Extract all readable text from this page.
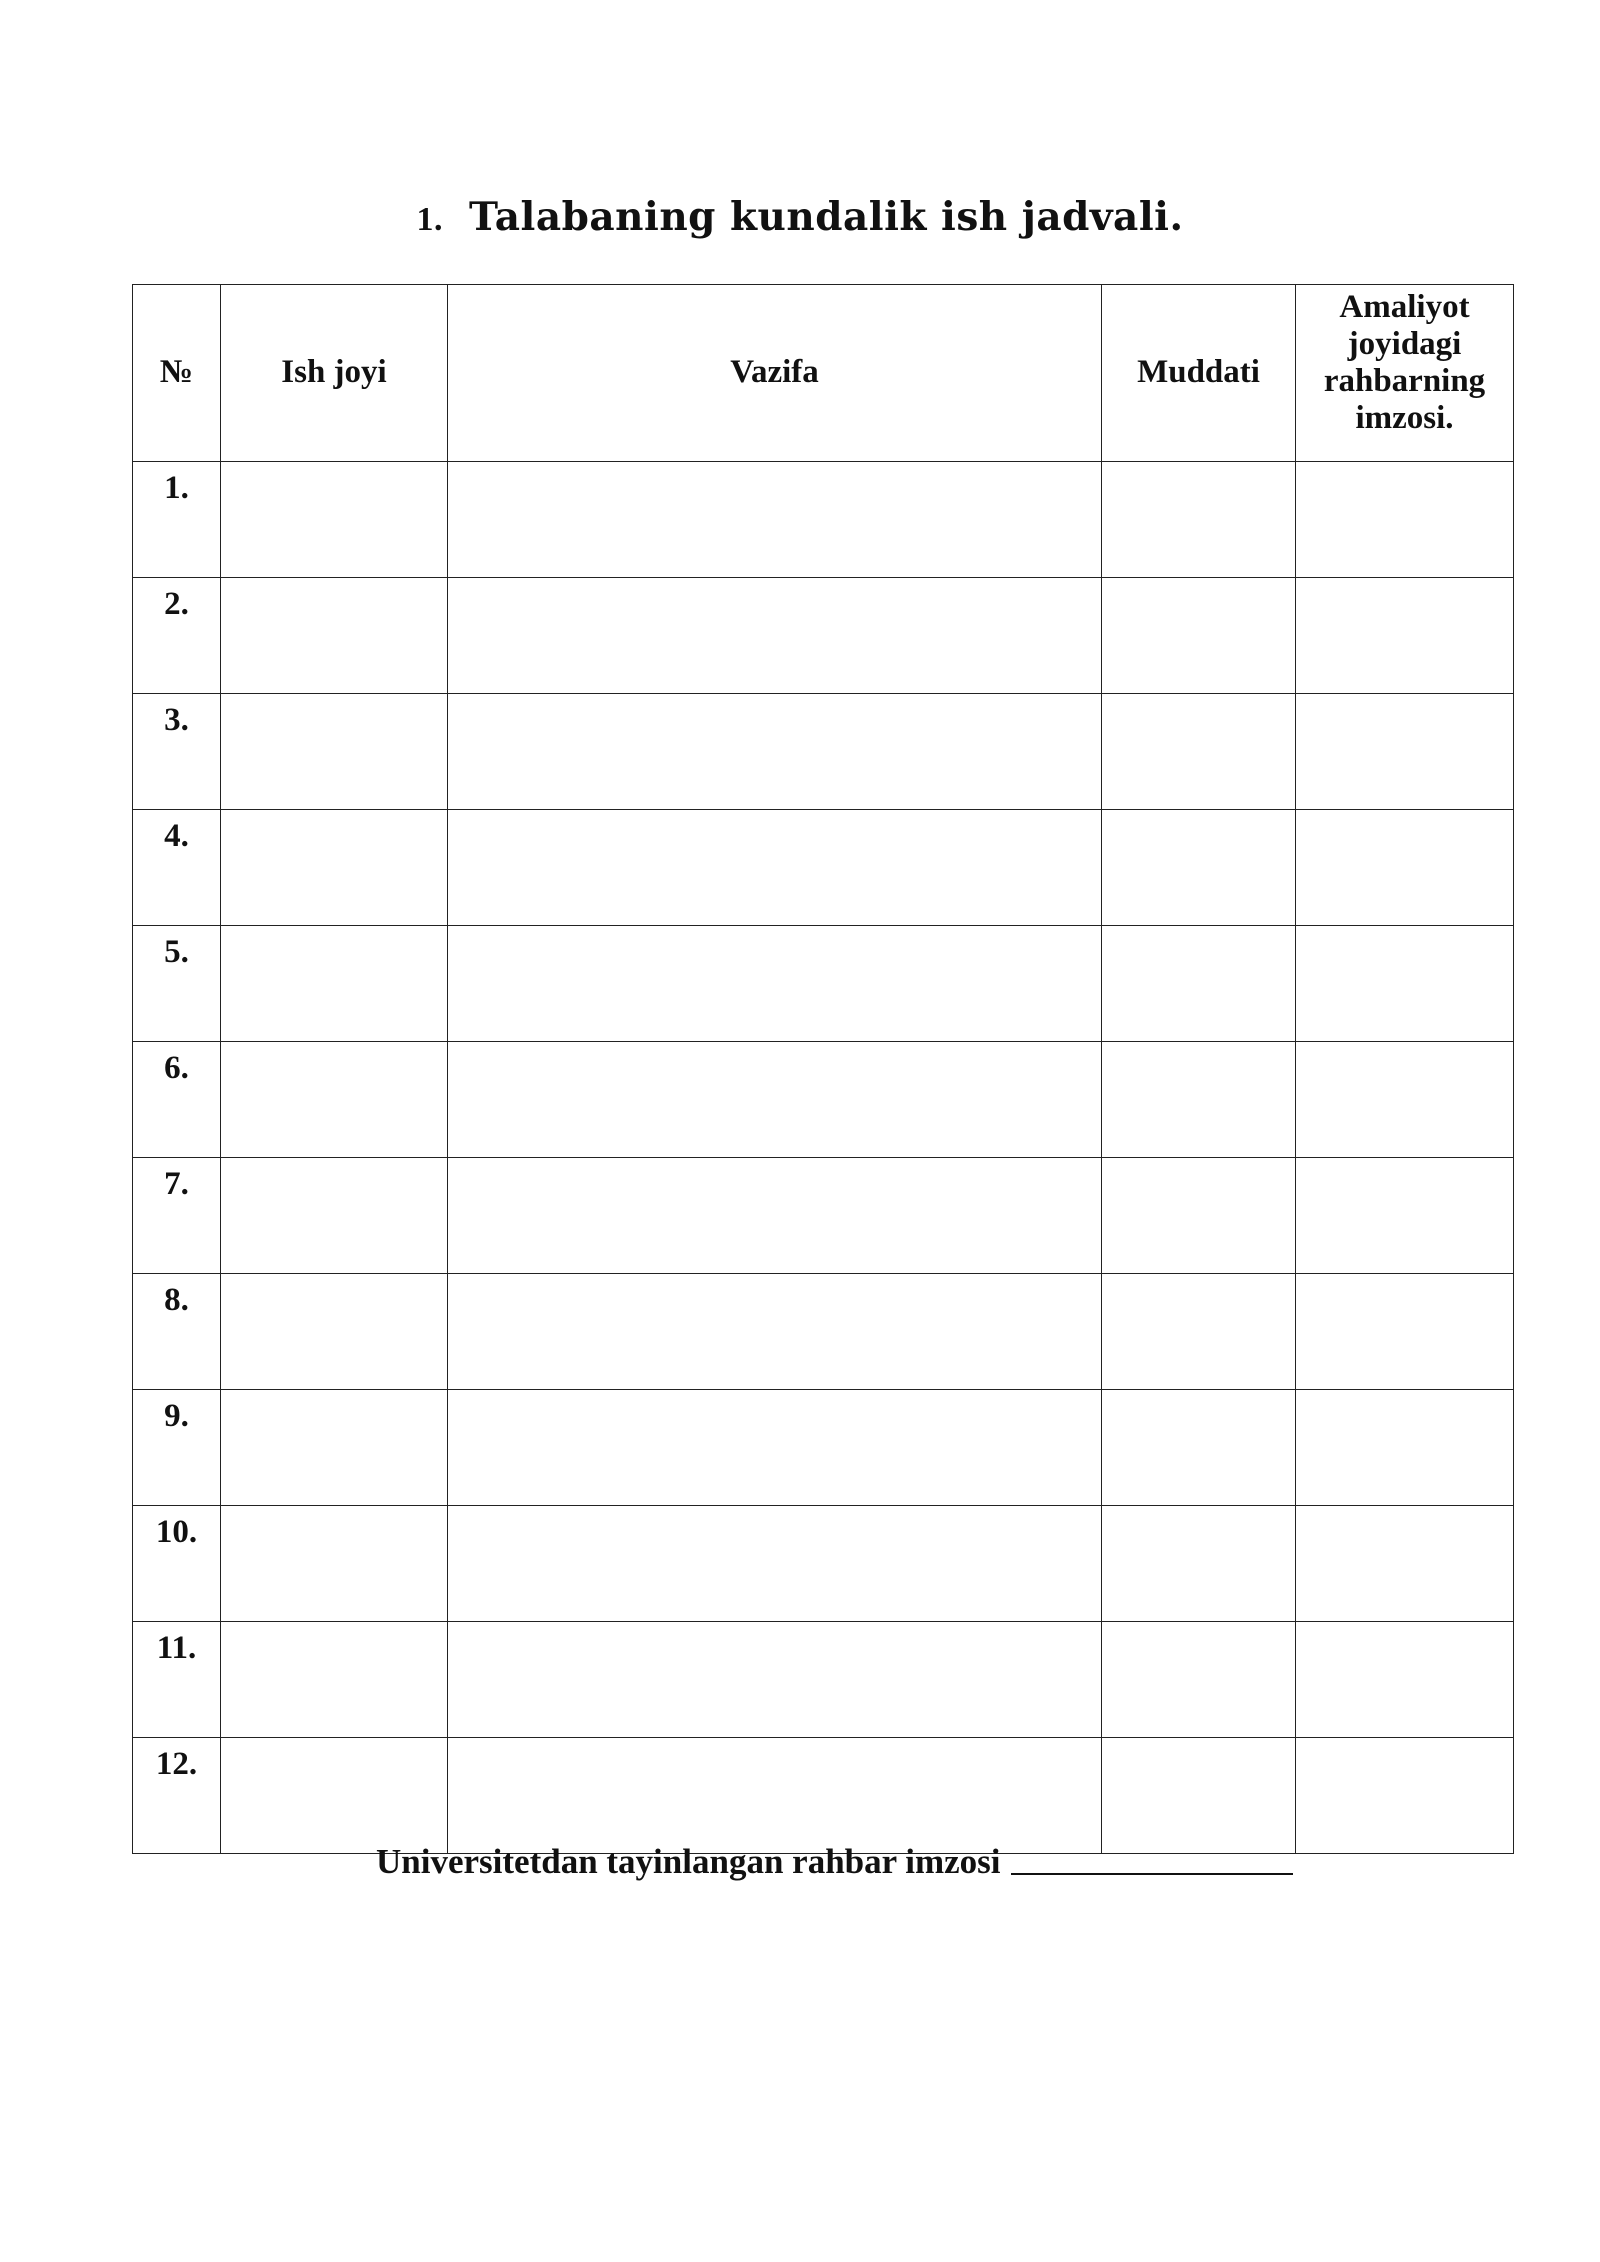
1. Talabaning kundalik ish jadvali.
№	Ish joyi	Vazifa	Muddati	Amaliyot joyidagi rahbarning imzosi.
1.				
2.				
3.				
4.				
5.				
6.				
7.				
8.				
9.				
10.				
11.				
12.				
Universitetdan tayinlangan rahbar imzosi
